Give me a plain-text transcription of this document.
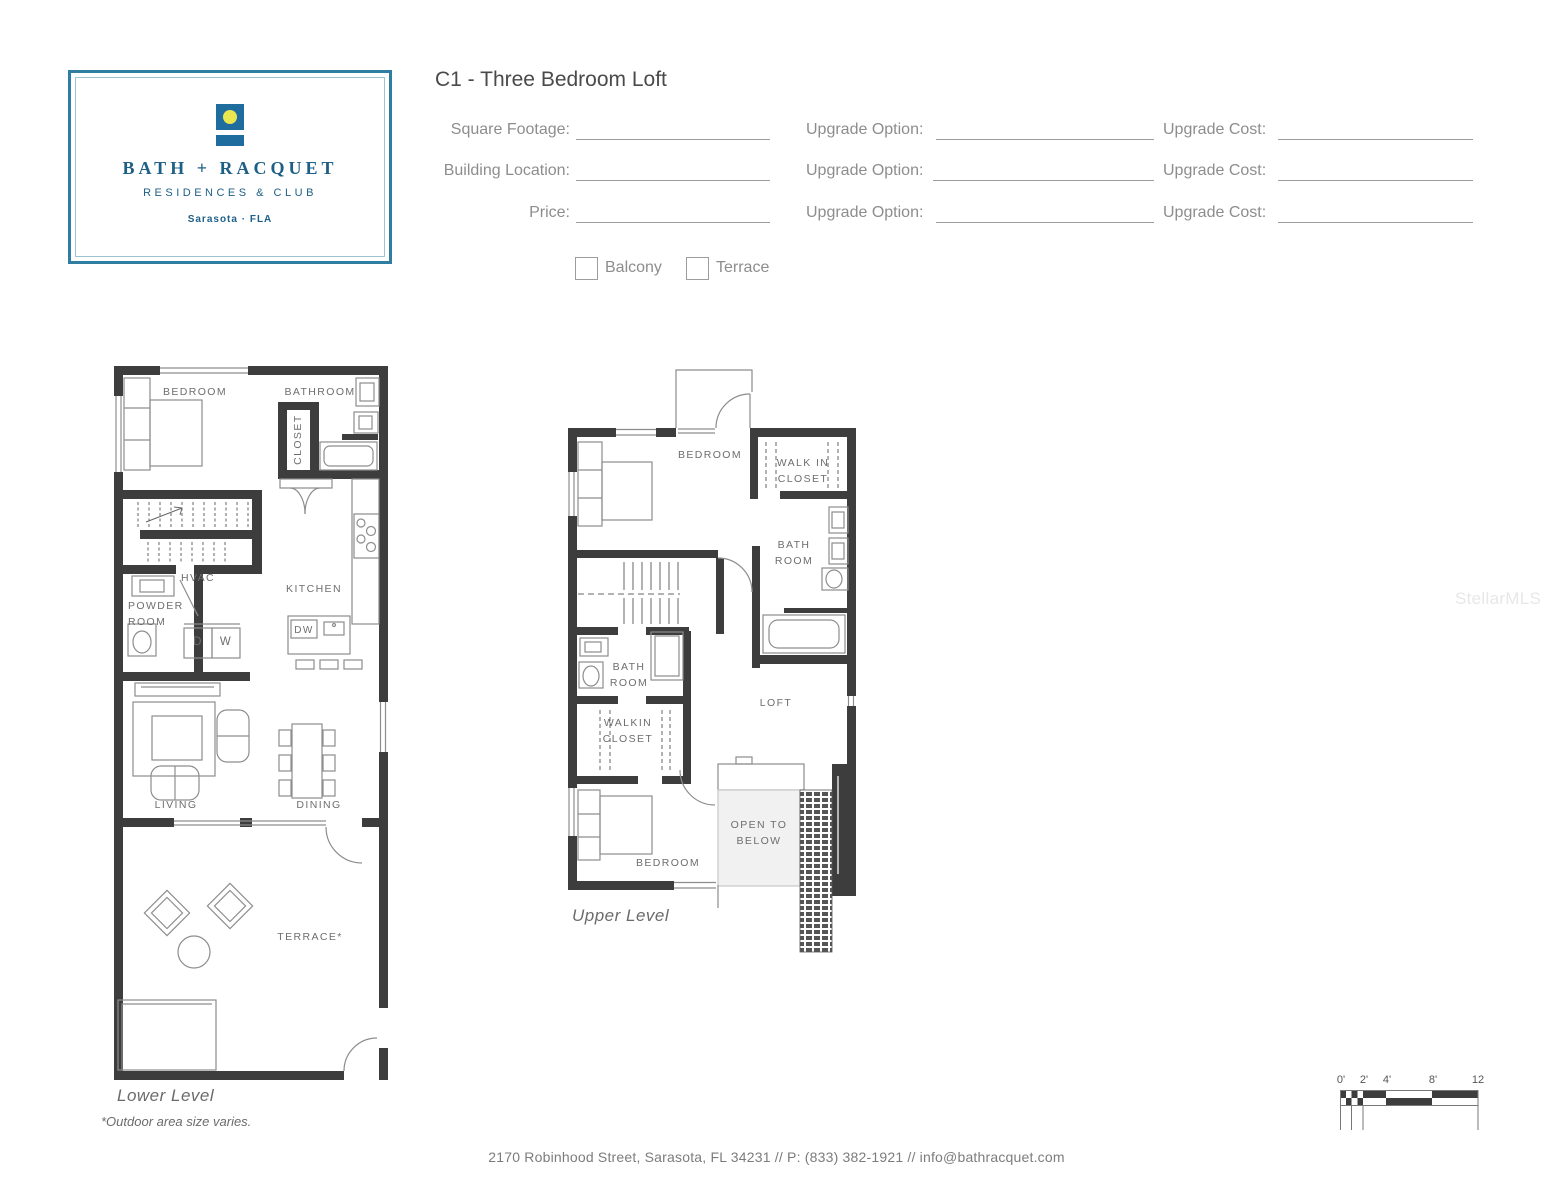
BATH + RACQUET
RESIDENCES & CLUB
Sarasota · FLA
C1 - Three Bedroom Loft
Square Footage:	Upgrade Option:	Upgrade Cost:
Building Location:	Upgrade Option:	Upgrade Cost:
Price:	Upgrade Option:	Upgrade Cost:
Balcony	Terrace
BEDROOM	BATHROOM
CLOSET
HVAC
POWDER ROOM
D	W
KITCHEN
DW
LIVING	DINING
TERRACE*
Lower Level
*Outdoor area size varies.
BEDROOM
WALK IN CLOSET
BATH ROOM
BATH ROOM
WALKIN CLOSET
LOFT
OPEN TO BELOW
BEDROOM
Upper Level
StellarMLS
0' 2' 4'	8'	12
2170 Robinhood Street, Sarasota, FL 34231 // P: (833) 382-1921 // info@bathracquet.com
